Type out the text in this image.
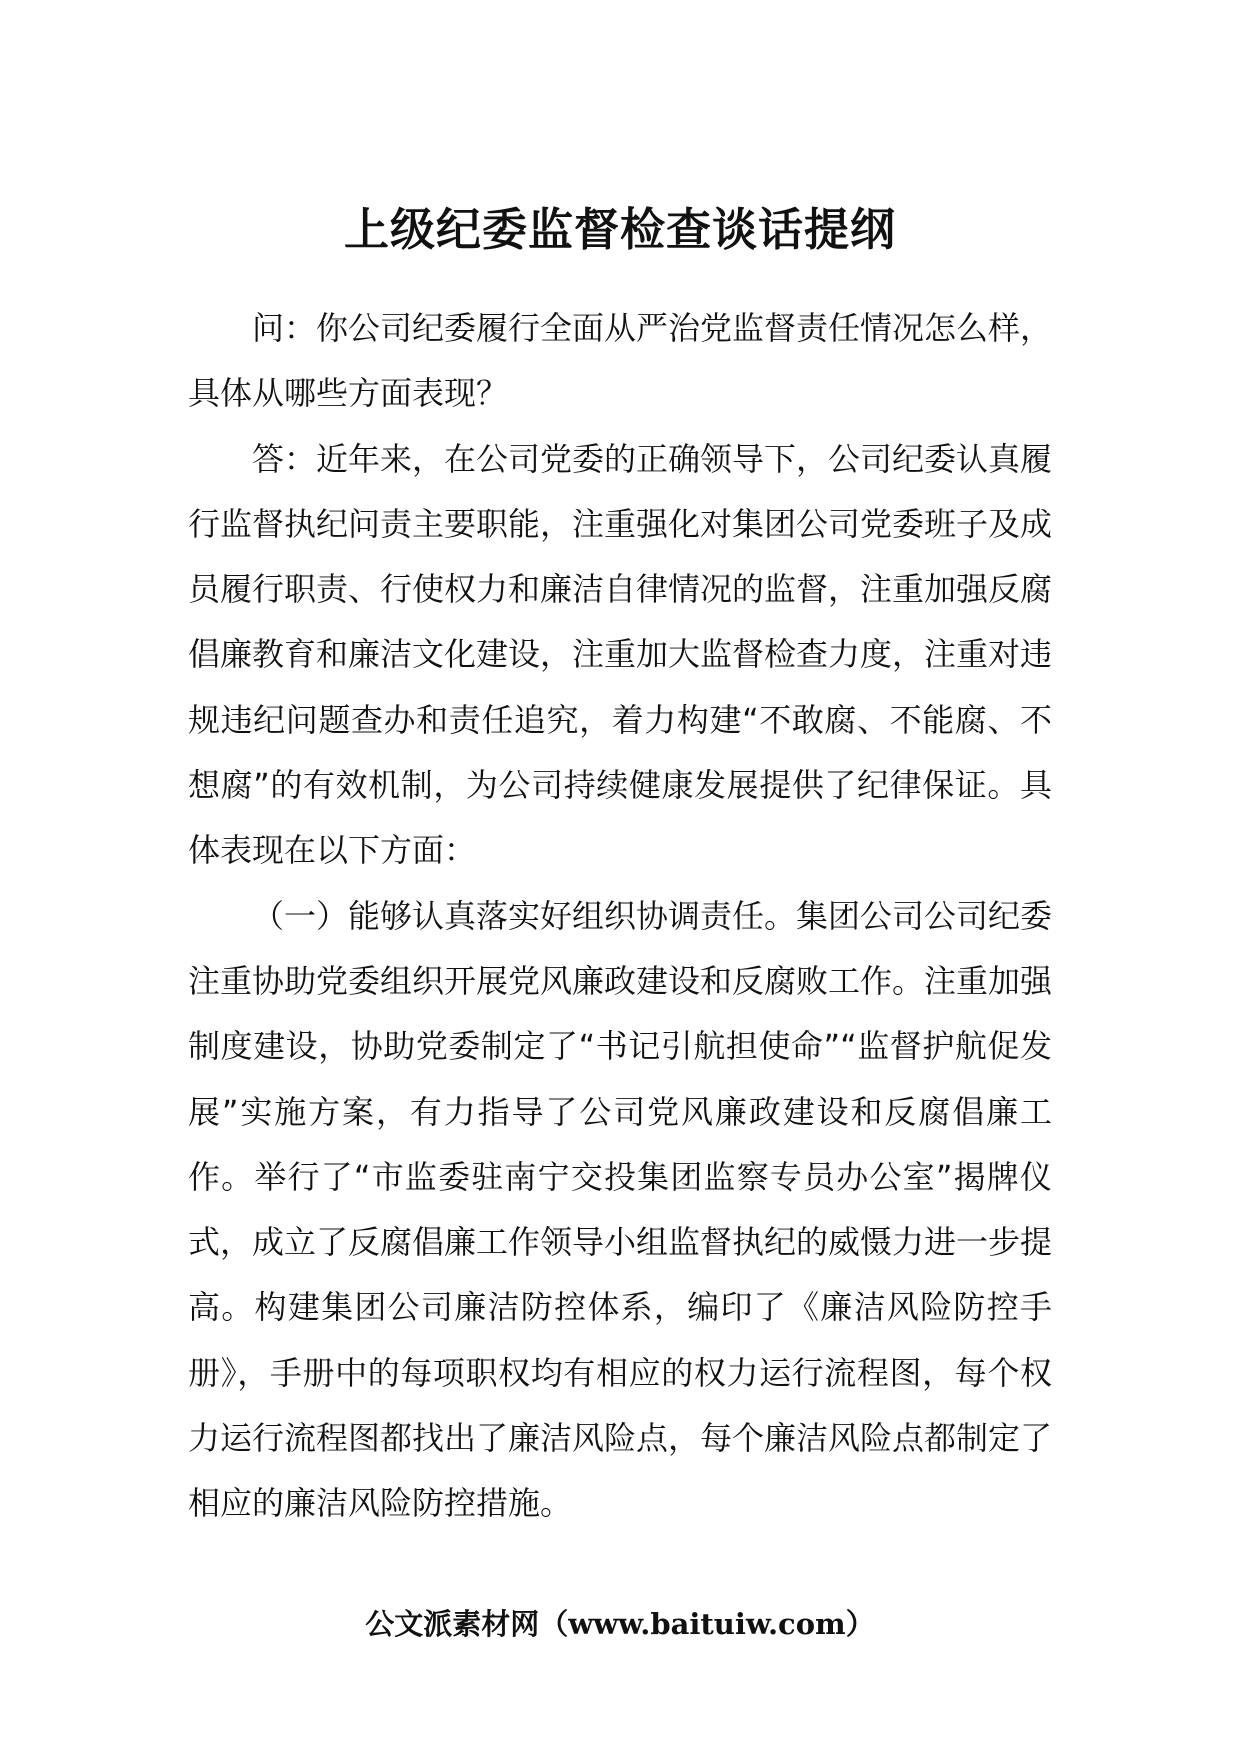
上级纪委监督检查谈话提纲

问：你公司纪委履行全面从严治党监督责任情况怎么样，具体从哪些方面表现？

答：近年来，在公司党委的正确领导下，公司纪委认真履行监督执纪问责主要职能，注重强化对集团公司党委班子及成员履行职责、行使权力和廉洁自律情况的监督，注重加强反腐倡廉教育和廉洁文化建设，注重加大监督检查力度，注重对违规违纪问题查办和责任追究，着力构建“不敢腐、不能腐、不想腐”的有效机制，为公司持续健康发展提供了纪律保证。具体表现在以下方面：

（一）能够认真落实好组织协调责任。集团公司公司纪委注重协助党委组织开展党风廉政建设和反腐败工作。注重加强制度建设，协助党委制定了“书记引航担使命”“监督护航促发展”实施方案，有力指导了公司党风廉政建设和反腐倡廉工作。举行了“市监委驻南宁交投集团监察专员办公室”揭牌仪式，成立了反腐倡廉工作领导小组监督执纪的威慑力进一步提高。构建集团公司廉洁防控体系，编印了《廉洁风险防控手册》，手册中的每项职权均有相应的权力运行流程图，每个权力运行流程图都找出了廉洁风险点，每个廉洁风险点都制定了相应的廉洁风险防控措施。

公文派素材网（www.baituiw.com）
